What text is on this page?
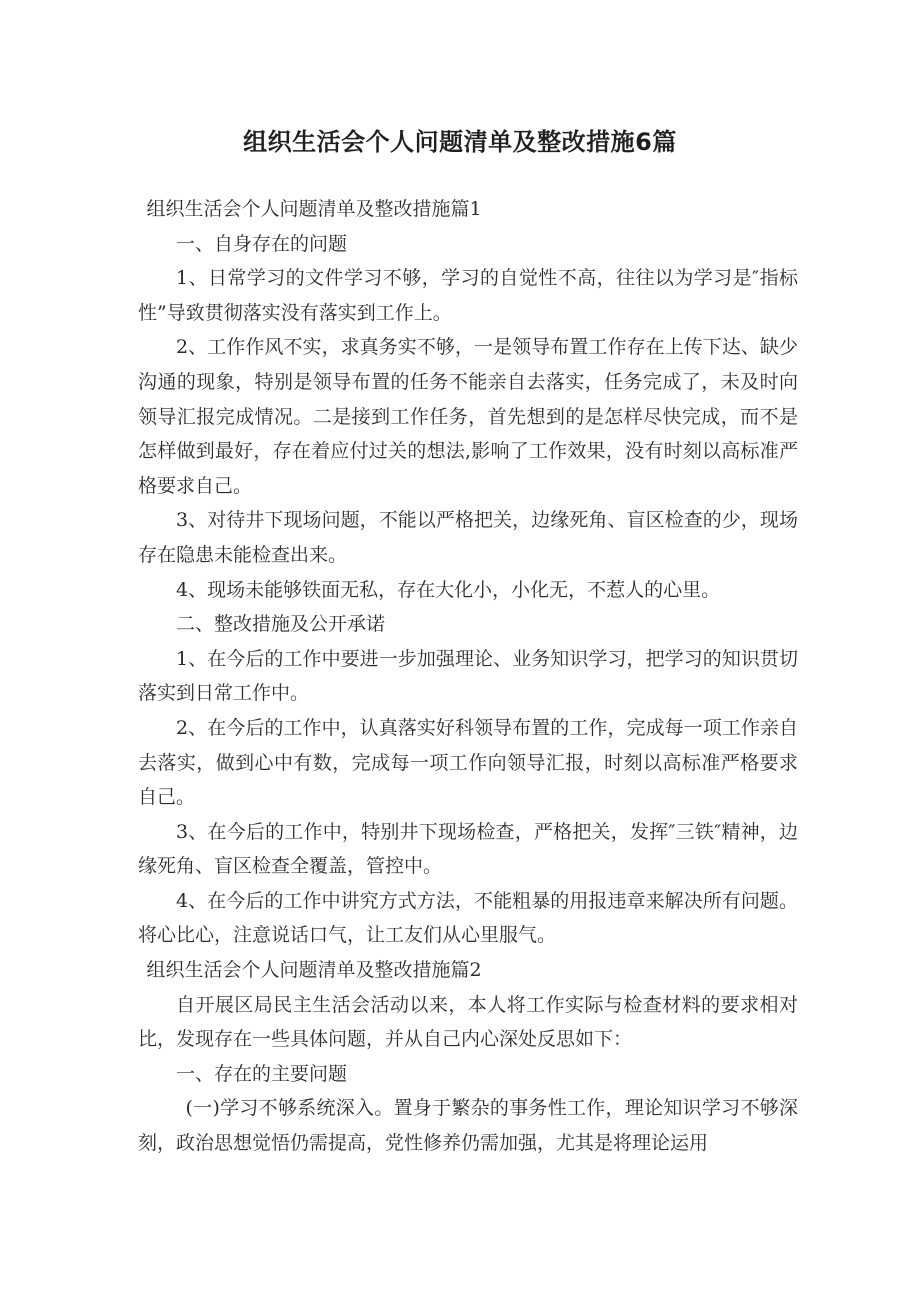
组织生活会个人问题清单及整改措施6篇

组织生活会个人问题清单及整改措施篇1

一、自身存在的问题

1、日常学习的文件学习不够，学习的自觉性不高，往往以为学习是″指标性”导致贯彻落实没有落实到工作上。

2、工作作风不实，求真务实不够，一是领导布置工作存在上传下达、缺少沟通的现象，特别是领导布置的任务不能亲自去落实，任务完成了，未及时向领导汇报完成情况。二是接到工作任务，首先想到的是怎样尽快完成，而不是怎样做到最好，存在着应付过关的想法,影响了工作效果，没有时刻以高标准严格要求自己。

3、对待井下现场问题，不能以严格把关，边缘死角、盲区检查的少，现场存在隐患未能检查出来。

4、现场未能够铁面无私，存在大化小，小化无，不惹人的心里。

二、整改措施及公开承诺

1、在今后的工作中要进一步加强理论、业务知识学习，把学习的知识贯切落实到日常工作中。

2、在今后的工作中，认真落实好科领导布置的工作，完成每一项工作亲自去落实，做到心中有数，完成每一项工作向领导汇报，时刻以高标准严格要求自己。

3、在今后的工作中，特别井下现场检查，严格把关，发挥″三铁″精神，边缘死角、盲区检查全覆盖，管控中。

4、在今后的工作中讲究方式方法，不能粗暴的用报违章来解决所有问题。将心比心，注意说话口气，让工友们从心里服气。

组织生活会个人问题清单及整改措施篇2

自开展区局民主生活会活动以来，本人将工作实际与检查材料的要求相对比，发现存在一些具体问题，并从自己内心深处反思如下：

一、存在的主要问题

(一)学习不够系统深入。置身于繁杂的事务性工作，理论知识学习不够深刻，政治思想觉悟仍需提高，党性修养仍需加强，尤其是将理论运用
